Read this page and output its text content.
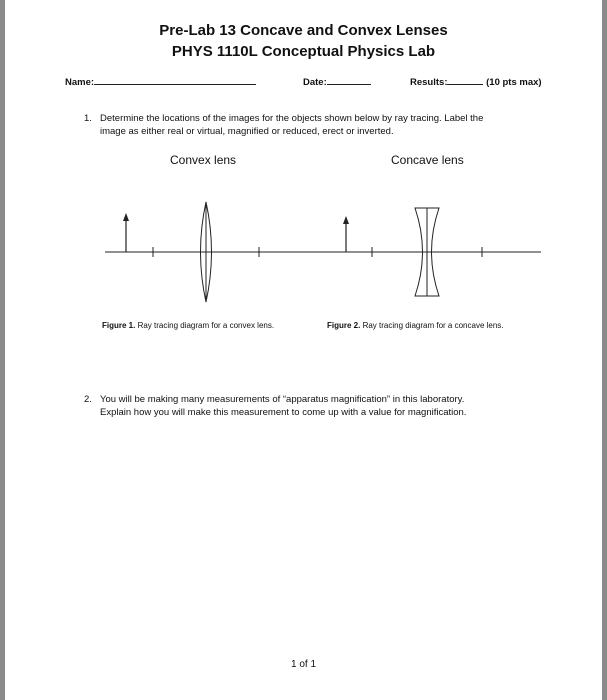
Pre-Lab 13 Concave and Convex Lenses
PHYS 1110L Conceptual Physics Lab
Name:	Date:	Results:	(10 pts max)
1. Determine the locations of the images for the objects shown below by ray tracing. Label the
image as either real or virtual, magnified or reduced, erect or inverted.
Convex lens	Concave lens
Figure 1. Ray tracing diagram for a convex lens.	Figure 2. Ray tracing diagram for a concave lens.
2. You will be making many measurements of “apparatus magnification” in this laboratory.
Explain how you will make this measurement to come up with a value for magnification.
1 of 1
